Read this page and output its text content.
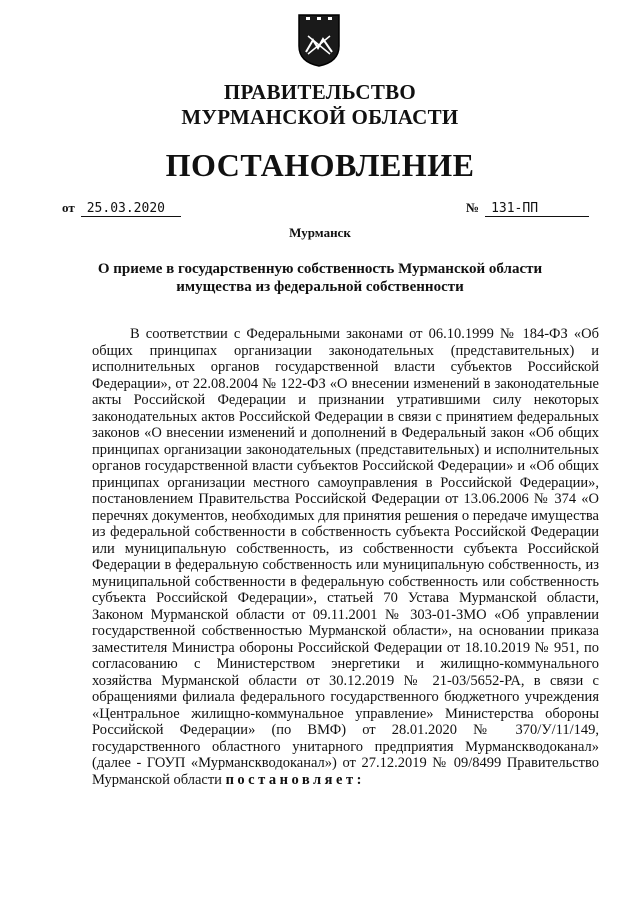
ПРАВИТЕЛЬСТВО
МУРМАНСКОЙ ОБЛАСТИ
ПОСТАНОВЛЕНИЕ
от 25.03.2020	№ 131-ПП
Мурманск
О приеме в государственную собственность Мурманской области
имущества из федеральной собственности

В соответствии с Федеральными законами от 06.10.1999 № 184-ФЗ «Об общих принципах организации законодательных (представительных) и исполнительных органов государственной власти субъектов Российской Федерации», от 22.08.2004 № 122-ФЗ «О внесении изменений в законодательные акты Российской Федерации и признании утратившими силу некоторых законодательных актов Российской Федерации в связи с принятием федеральных законов «О внесении изменений и дополнений в Федеральный закон «Об общих принципах организации законодательных (представительных) и исполнительных органов государственной власти субъектов Российской Федерации» и «Об общих принципах организации местного самоуправления в Российской Федерации», постановлением Правительства Российской Федерации от 13.06.2006 № 374 «О перечнях документов, необходимых для принятия решения о передаче имущества из федеральной собственности в собственность субъекта Российской Федерации или муниципальную собственность, из собственности субъекта Российской Федерации в федеральную собственность или муниципальную собственность, из муниципальной собственности в федеральную собственность или собственность субъекта Российской Федерации», статьей 70 Устава Мурманской области, Законом Мурманской области от 09.11.2001 № 303-01-ЗМО «Об управлении государственной собственностью Мурманской области», на основании приказа заместителя Министра обороны Российской Федерации от 18.10.2019 № 951, по согласованию с Министерством энергетики и жилищно-коммунального хозяйства Мурманской области от 30.12.2019 № 21-03/5652-РА, в связи с обращениями филиала федерального государственного бюджетного учреждения «Центральное жилищно-коммунальное управление» Министерства обороны Российской Федерации» (по ВМФ) от 28.01.2020 № 370/У/11/149, государственного областного унитарного предприятия Мурманскводоканал» (далее - ГОУП «Мурманскводоканал») от 27.12.2019 № 09/8499 Правительство Мурманской области постановляет:
